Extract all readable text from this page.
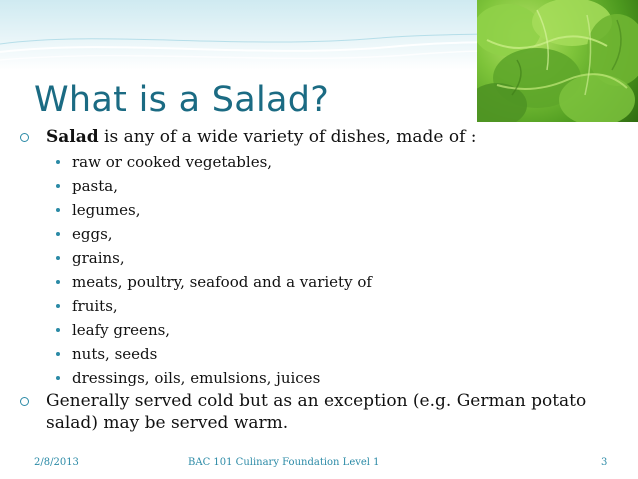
What is a Salad?
Salad is any of a wide variety of dishes, made of :
raw or cooked vegetables,
pasta,
legumes,
eggs,
grains,
meats, poultry, seafood and a variety of
fruits,
leafy greens,
nuts, seeds
dressings, oils, emulsions, juices
Generally served cold but as an exception (e.g. German potato
salad) may be served warm.
2/8/2013	BAC 101 Culinary Foundation Level 1	3
